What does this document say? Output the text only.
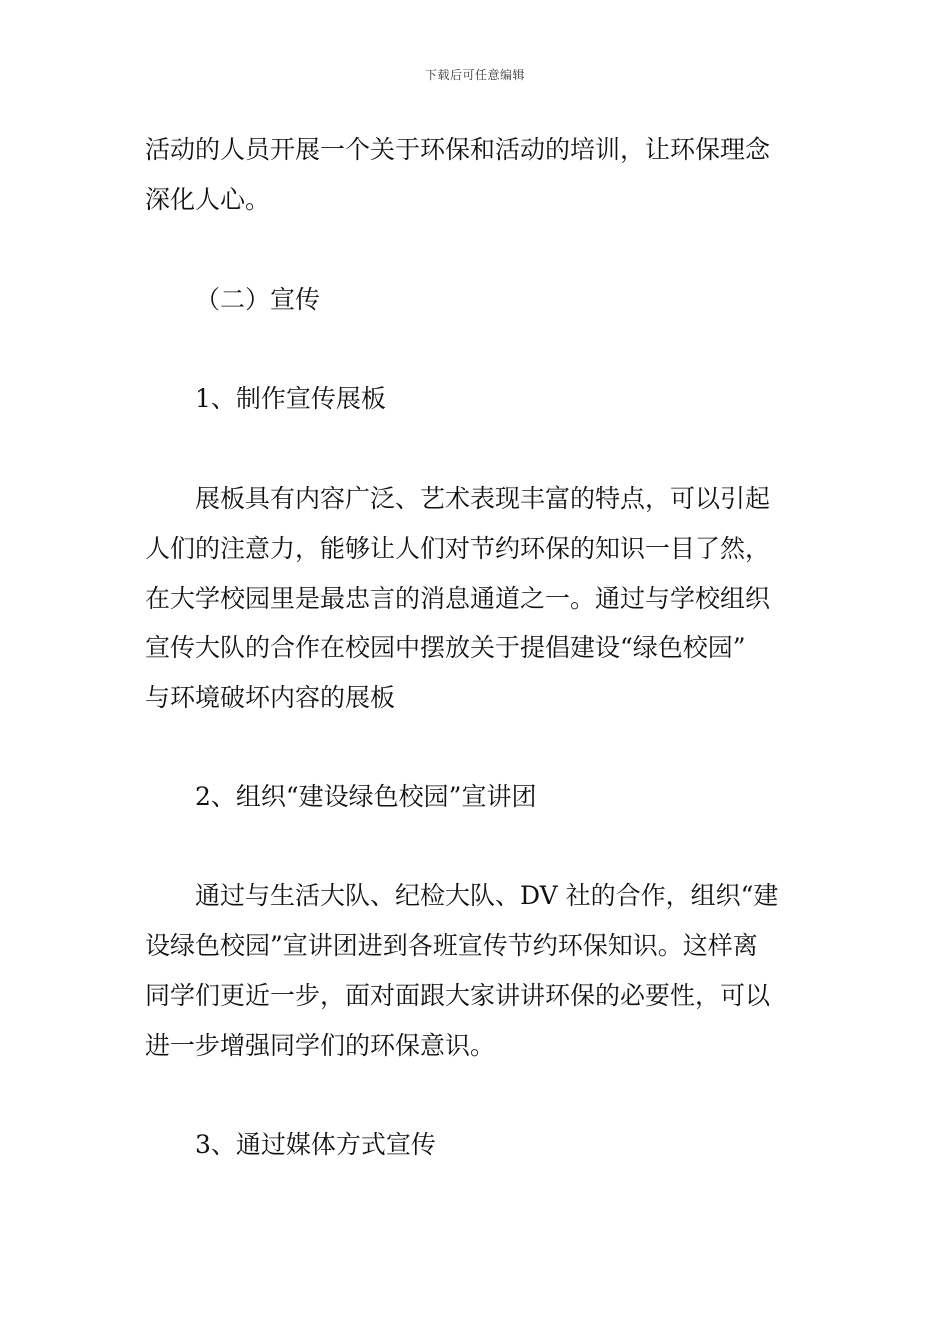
下载后可任意编辑
活动的人员开展一个关于环保和活动的培训，让环保理念
深化人心。
（二）宣传
1、制作宣传展板
展板具有内容广泛、艺术表现丰富的特点，可以引起
人们的注意力，能够让人们对节约环保的知识一目了然，
在大学校园里是最忠言的消息通道之一。通过与学校组织
宣传大队的合作在校园中摆放关于提倡建设“绿色校园”
与环境破坏内容的展板
2、组织“建设绿色校园”宣讲团
通过与生活大队、纪检大队、DV 社的合作，组织“建
设绿色校园”宣讲团进到各班宣传节约环保知识。这样离
同学们更近一步，面对面跟大家讲讲环保的必要性，可以
进一步增强同学们的环保意识。
3、通过媒体方式宣传
